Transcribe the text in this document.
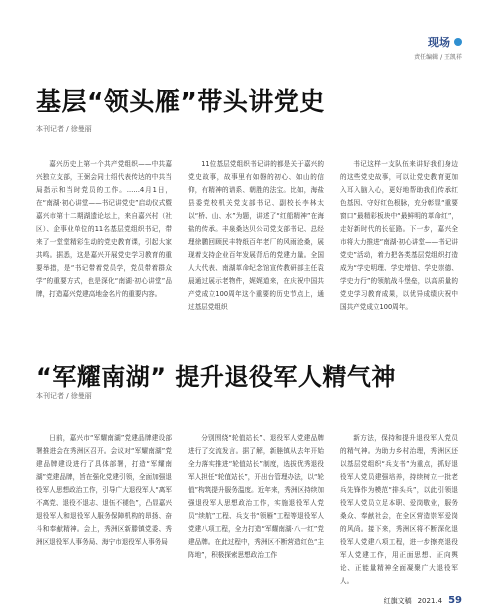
现场
责任编辑 / 王凯祥
基层“领头雁”带头讲党史
本刊记者 / 徐曼丽

嘉兴历史上第一个共产党组织——中共嘉兴独立支部，王弼会同士绍代表传达的中共当局指示和当时党员的工作。……4月1日，在“南湖·初心讲堂——书记讲党史”启动仪式暨嘉兴市第十二期湖遗论坛上，来自嘉兴村（社区）、企事业单位的11名基层党组织书记，带来了一堂堂精彩生动的党史教育课，引起大家共鸣。据悉，这是嘉兴开展党史学习教育的重要举措，是“书记带着党员学，党员带着群众学”的重要方式，也是深化“南湖·初心讲堂”品牌，打造嘉兴党建高地金名片的重要内容。

11位基层党组织书记讲的都是关于嘉兴的党史故事，故事里有如磐的初心、如山的信仰，有精神的谱系、朝胜的法宝。比如，海盐县委党校机关党支部书记、副校长李林太以“桥、山、水”为题，讲述了“红船精神”在海盐的传承。丰泉桑达贝公司党支部书记、总经理徐鹏回顾民丰特纸百年老厂的风雨沧桑，展现着支持企业百年发展背后的党建力量。全国人大代表、南湖革命纪念馆宣传教研部主任袁晨通过展示老物件，娓娓道来，在庆祝中国共产党成立100周年这个重要的历史节点上，通过基层党组织

书记这样一支队伍来讲好我们身边的这些党史故事，可以让党史教育更加入耳入脑入心，更好地帮助我们传承红色基因、守好红色根脉，充分彰显“重要窗口”最精彩板块中“最鲜明的革命红”，走好新时代的长征路。下一步，嘉兴全市将大力推进“南湖·初心讲堂——书记讲党史”活动，着力把各类基层党组织打造成为“学史明理、学史增信、学史崇德、学史力行”的领航战斗堡垒，以高质量的党史学习教育成果，以优异成绩庆祝中国共产党成立100周年。

“军耀南湖” 提升退役军人精气神
本刊记者 / 徐曼丽

日前，嘉兴市“军耀南湖”党建品牌建设部署推进会在秀洲区召开。会议对“军耀南湖”党建品牌建设进行了具体部署，打造“军耀南湖”党建品牌，旨在强化党建引领，全面加强退役军人思想政治工作，引导广大退役军人“离军不离党、退役不退志、退伍不褪色”，凸显嘉兴退役军人和退役军人服务保障机构的昂扬、奋斗和奉献精神。会上，秀洲区新滕镇党委、秀洲区退役军人事务局、海宁市退役军人事务局

分别围绕“轮值站长”、退役军人党建品牌进行了交流发言。据了解，新塍镇从去年开始全力落实推进“轮值站长”制度，选拔优秀退役军人担任“轮值站长”，开出台管理办法，以“轮值”构筑提升服务温度。近年来，秀洲区持续加强退役军人思想政治工作，实施退役军人党员“续航”工程、兵支书“领雁”工程等退役军人党建八项工程，全力打造“军耀南湖·八一红”党建品牌。在此过程中，秀洲区不断营造红色“主阵地”，积极探索思想政治工作

新方法，保持和提升退役军人党员的精气神。为助力乡村治理，秀洲区还以基层党组织“兵支书”为重点，抓好退役军人党员建强培养，持续树立一批老兵先锋作为模范“排头兵”，以此引领退役军人党员立足本职、爱岗敬业，服务桑众、奉献社会，在全区营造崇军爱岗的风尚。接下来，秀洲区将不断深化退役军人党建八项工程，进一步擦亮退役军人党建工作，用正面思想、正向舆论、正能量精神全面凝聚广大退役军人。

红旗文稿 2021.4 59
